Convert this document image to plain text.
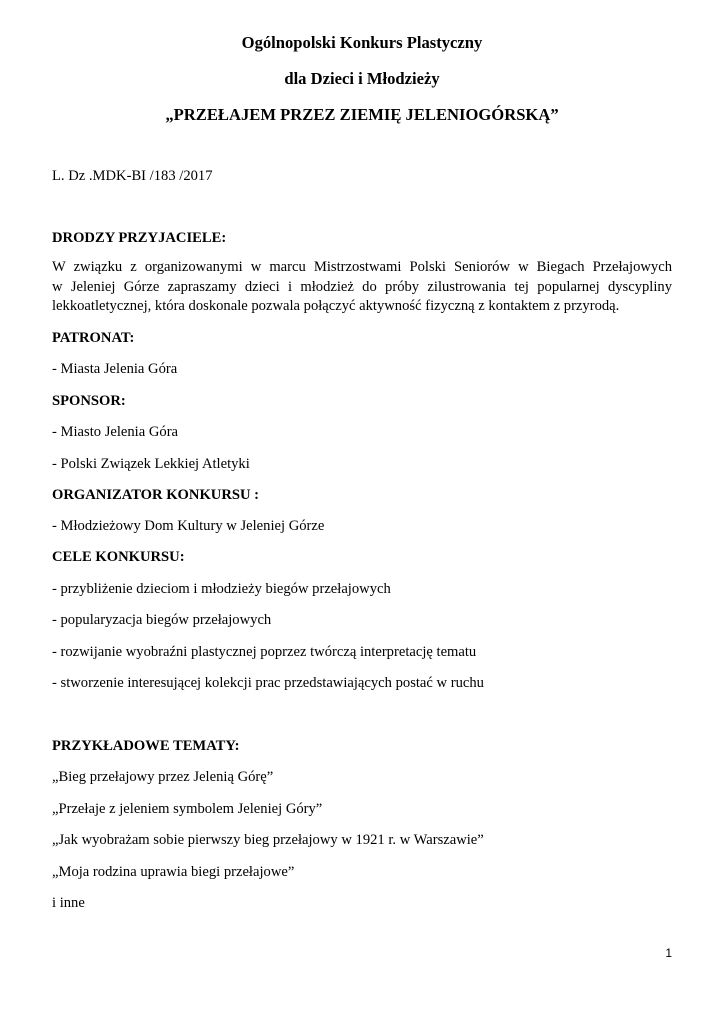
Ogólnopolski Konkurs Plastyczny
dla Dzieci i Młodzieży
„PRZEŁAJEM PRZEZ ZIEMIĘ JELENIOGÓRSKĄ”
L. Dz .MDK-BI /183 /2017
DRODZY PRZYJACIELE:
W związku z organizowanymi w marcu Mistrzostwami Polski Seniorów w Biegach Przełajowych
w Jeleniej Górze zapraszamy dzieci i młodzież do próby zilustrowania tej popularnej dyscypliny
lekkoatletycznej, która doskonale pozwala połączyć aktywność fizyczną z kontaktem z przyrodą.
PATRONAT:
- Miasta Jelenia Góra
SPONSOR:
- Miasto Jelenia Góra
- Polski Związek Lekkiej Atletyki
ORGANIZATOR KONKURSU :
- Młodzieżowy Dom Kultury w Jeleniej Górze
CELE KONKURSU:
- przybliżenie dzieciom i młodzieży biegów przełajowych
- popularyzacja biegów przełajowych
- rozwijanie wyobraźni plastycznej poprzez twórczą interpretację tematu
- stworzenie interesującej kolekcji prac przedstawiających postać w ruchu
PRZYKŁADOWE TEMATY:
„Bieg przełajowy przez Jelenią Górę”
„Przełaje z jeleniem symbolem Jeleniej Góry”
„Jak wyobrażam sobie pierwszy bieg przełajowy w 1921 r. w Warszawie”
„Moja rodzina uprawia biegi przełajowe”
i inne
1
